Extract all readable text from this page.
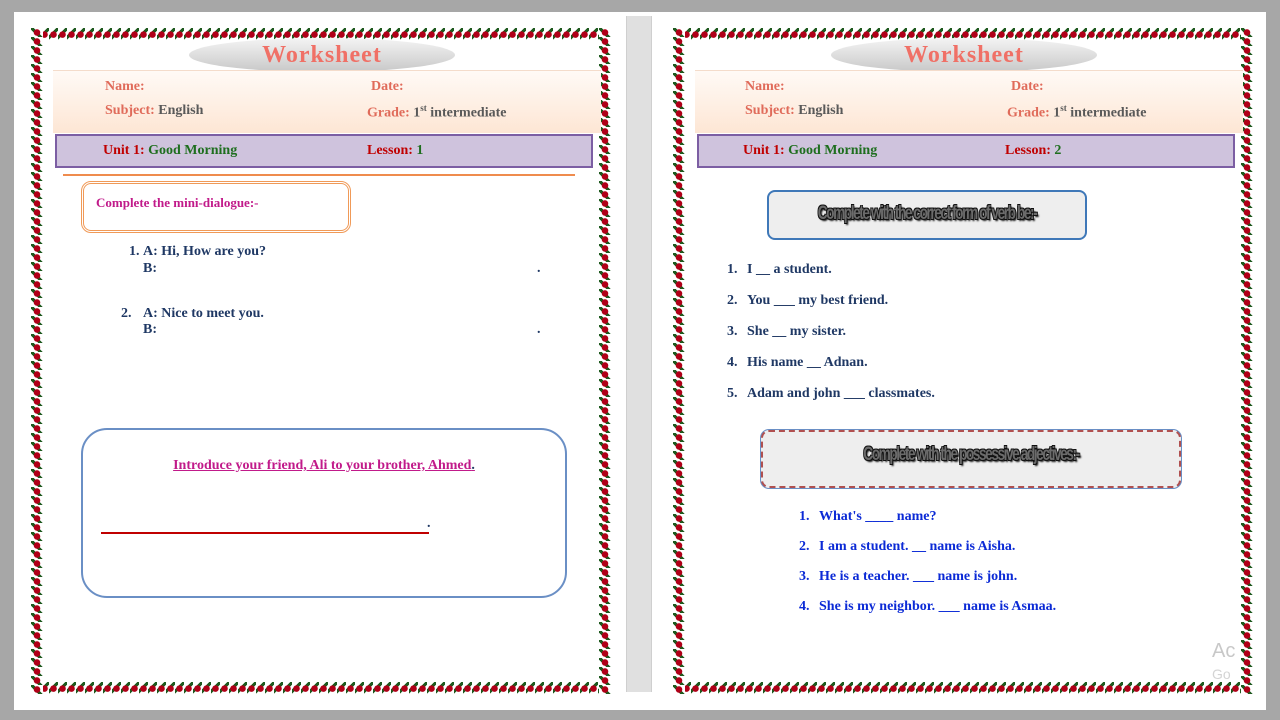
Worksheet
Name:	Date:
Subject: English	Grade: 1st intermediate
Unit 1: Good Morning	Lesson: 1
Complete the mini-dialogue:-
1. A: Hi, How are you?
B:	.
2. A: Nice to meet you.
B:	.
Introduce your friend, Ali to your brother, Ahmed.
.
Worksheet
Name:	Date:
Subject: English	Grade: 1st intermediate
Unit 1: Good Morning	Lesson: 2
Complete with the correct form of verb be:-
1. I __ a student.
2. You ___ my best friend.
3. She __ my sister.
4. His name __ Adnan.
5. Adam and john ___ classmates.
Complete with the possessive adjectives:-
1. What's ____ name?
2. I am a student. __ name is Aisha.
3. He is a teacher. ___ name is john.
4. She is my neighbor. ___ name is Asmaa.
Ac
Go
